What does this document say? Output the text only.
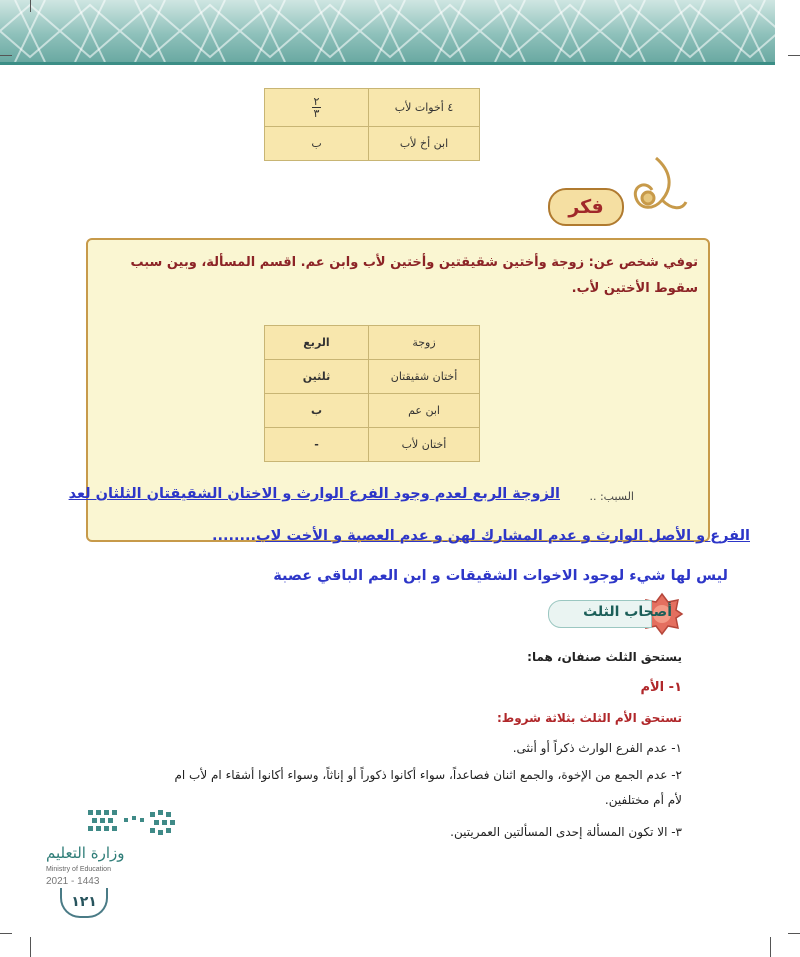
٤ أخوات لأب	$\frac{٢}{٣}$
ابن أخ لأب	ب
فكر
توفي شخص عن: زوجة وأختين شقيقتين وأختين لأب وابن عم. اقسم المسألة، وبين سبب سقوط الأختين لأب.
زوجة	الربع
أختان شقيقتان	ثلثين
ابن عم	ب
أختان لأب	-
السبب: ..
الزوجة الربع لعدم وجود الفرع الوارث و الاختان الشقيقتان الثلثان لعد
الفرع و الأصل الوارث و عدم المشارك لهن و عدم العصبة و الأخت لاب........
ليس لها شيء لوجود الاخوات الشقيقات و ابن العم الباقي عصبة
أصحاب الثلث
يستحق الثلث صنفان، هما:
١- الأم
تستحق الأم الثلث بثلاثة شروط:
١- عدم الفرع الوارث ذكراً أو أنثى.
٢- عدم الجمع من الإخوة، والجمع اثنان فصاعداً، سواء أكانوا ذكوراً أو إناثاً، وسواء أكانوا أشقاء ام لأب ام
لأم أم مختلفين.
٣- الا تكون المسألة إحدى المسألتين العمريتين.
وزارة التعليم
Ministry of Education
2021 - 1443
١٢١
